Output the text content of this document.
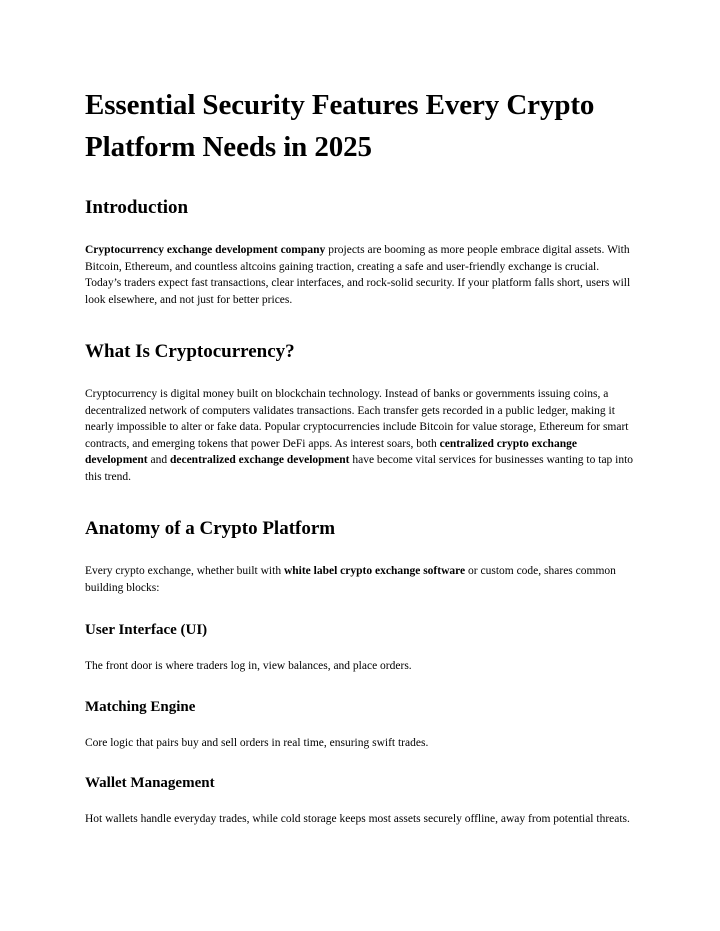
Essential Security Features Every Crypto Platform Needs in 2025
Introduction

Cryptocurrency exchange development company projects are booming as more people embrace digital assets. With Bitcoin, Ethereum, and countless altcoins gaining traction, creating a safe and user‑friendly exchange is crucial. Today’s traders expect fast transactions, clear interfaces, and rock‑solid security. If your platform falls short, users will look elsewhere, and not just for better prices.

What Is Cryptocurrency?

Cryptocurrency is digital money built on blockchain technology. Instead of banks or governments issuing coins, a decentralized network of computers validates transactions. Each transfer gets recorded in a public ledger, making it nearly impossible to alter or fake data. Popular cryptocurrencies include Bitcoin for value storage, Ethereum for smart contracts, and emerging tokens that power DeFi apps. As interest soars, both centralized crypto exchange development and decentralized exchange development have become vital services for businesses wanting to tap into this trend.

Anatomy of a Crypto Platform

Every crypto exchange, whether built with white label crypto exchange software or custom code, shares common building blocks:

User Interface (UI)

The front door is where traders log in, view balances, and place orders.

Matching Engine

Core logic that pairs buy and sell orders in real time, ensuring swift trades.

Wallet Management

Hot wallets handle everyday trades, while cold storage keeps most assets securely offline, away from potential threats.
